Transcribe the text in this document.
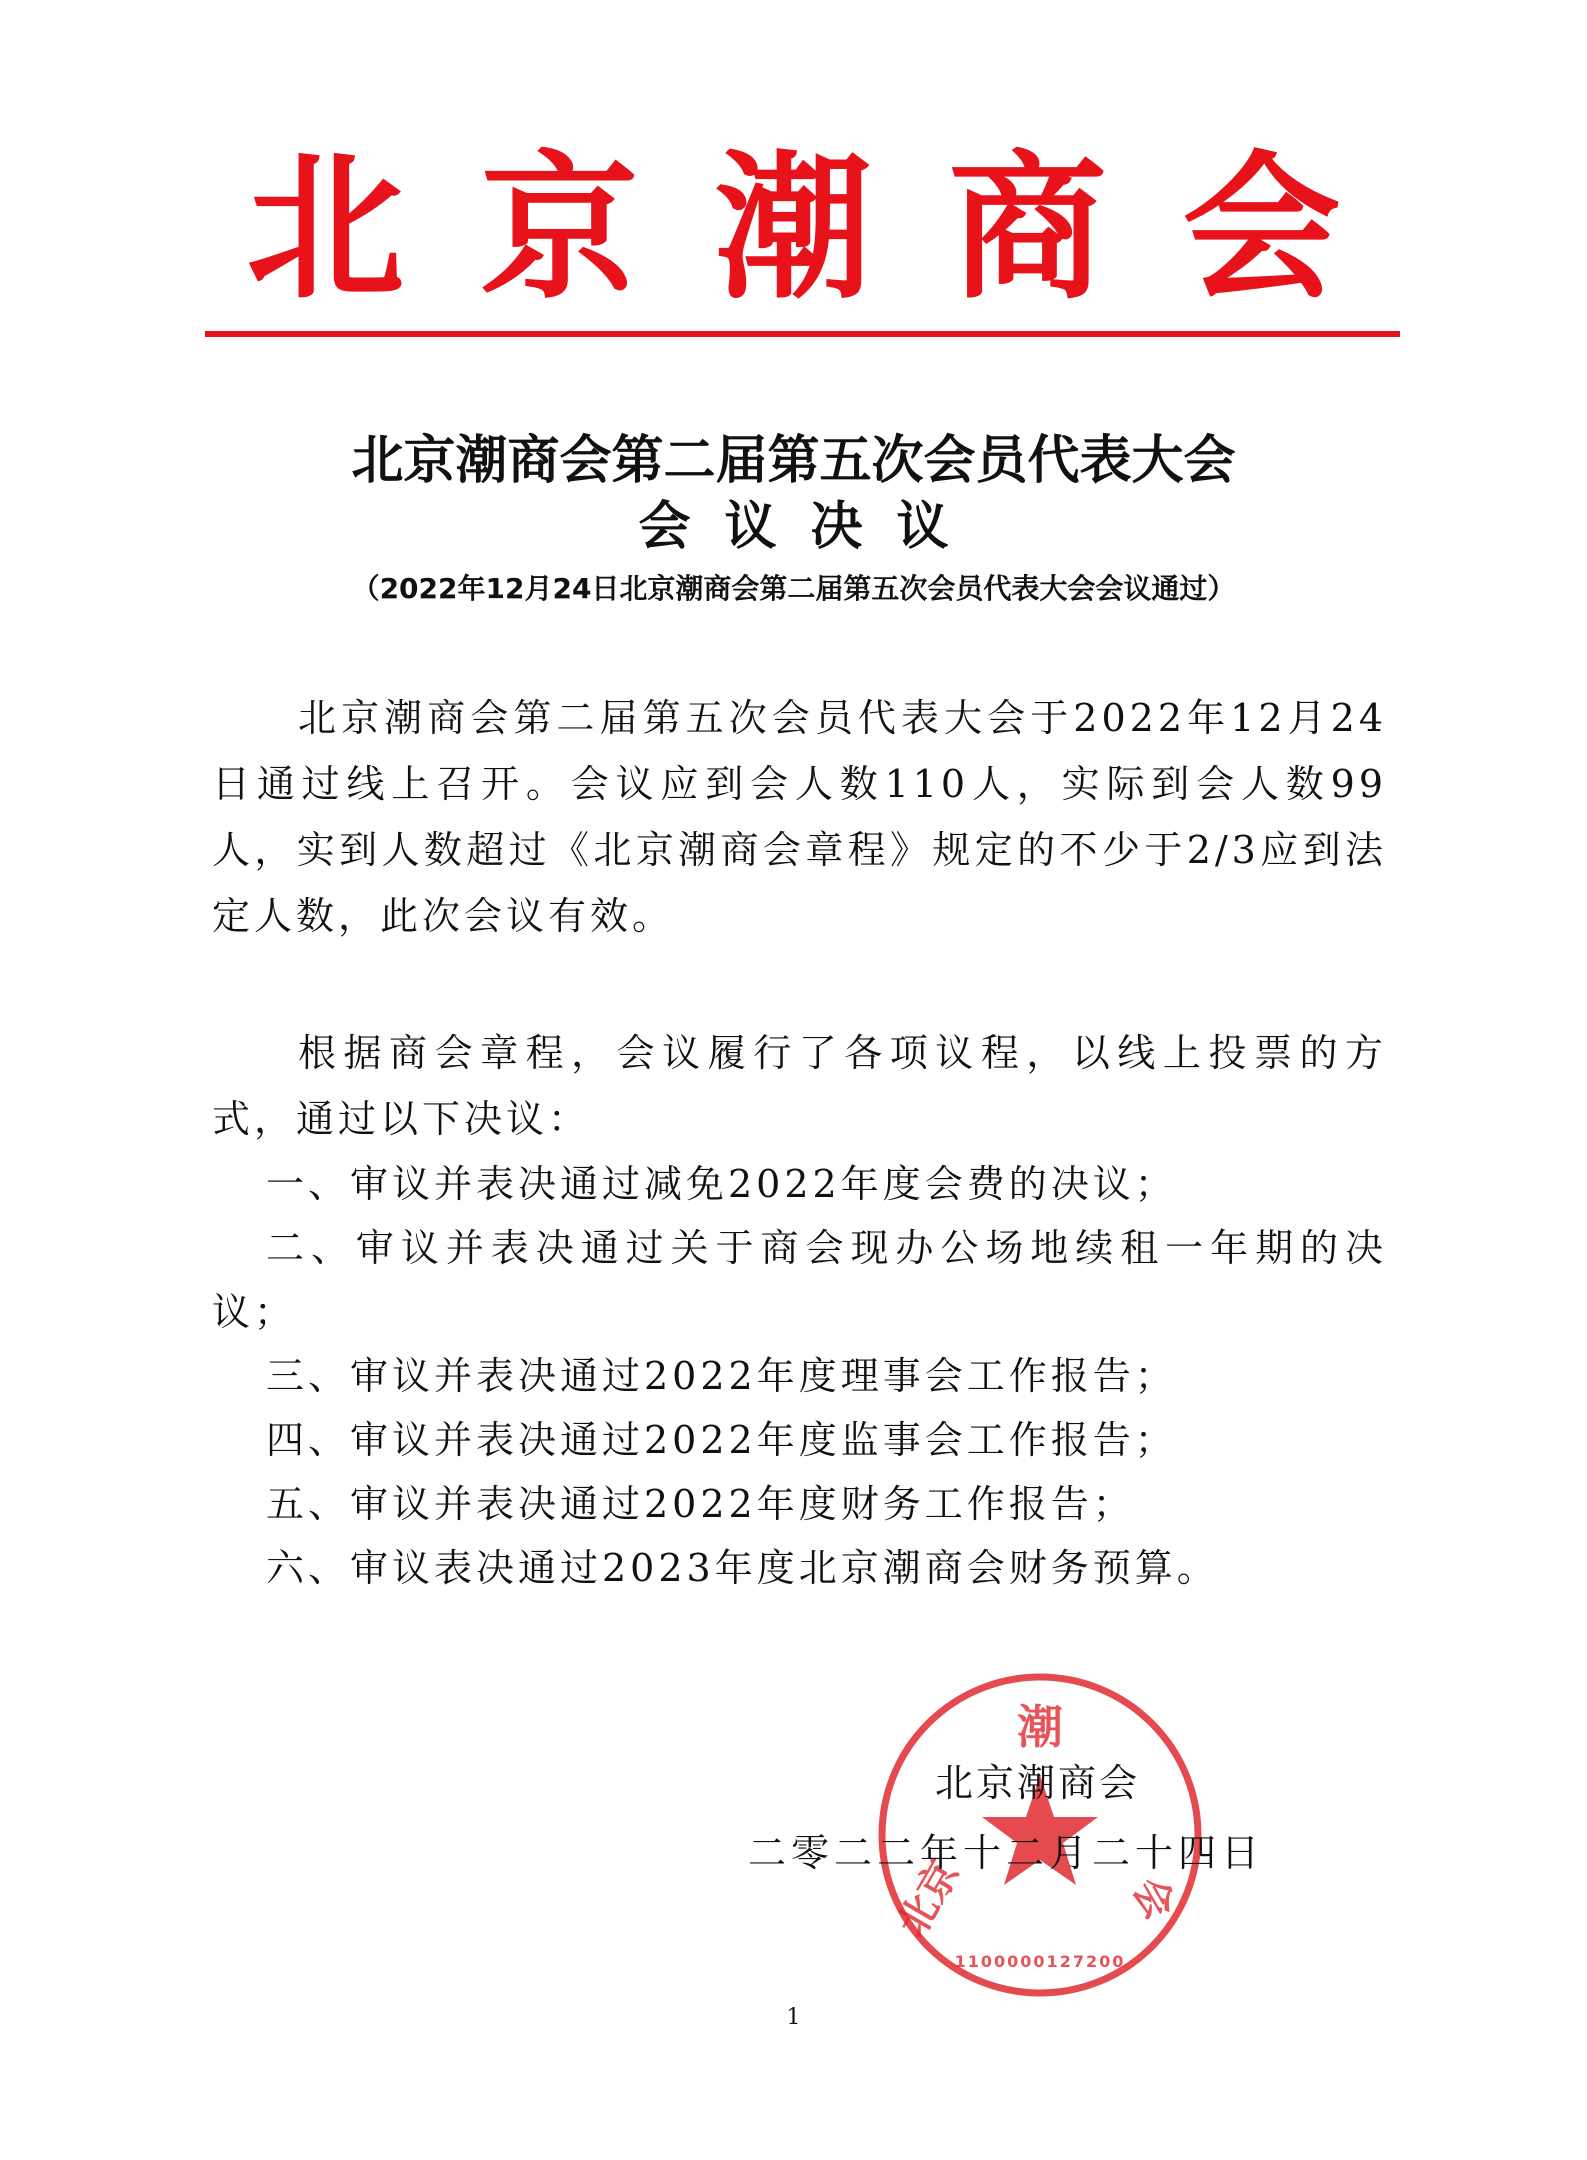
北京潮商会
北京潮商会第二届第五次会员代表大会
会议决议
（2022年12月24日北京潮商会第二届第五次会员代表大会会议通过）
北京潮商会第二届第五次会员代表大会于2022年12月24日通过线上召开。会议应到会人数110人，实际到会人数99人，实到人数超过《北京潮商会章程》规定的不少于2/3应到法定人数，此次会议有效。
根据商会章程，会议履行了各项议程，以线上投票的方式，通过以下决议：
一、审议并表决通过减免2022年度会费的决议；
二、审议并表决通过关于商会现办公场地续租一年期的决议；
三、审议并表决通过2022年度理事会工作报告；
四、审议并表决通过2022年度监事会工作报告；
五、审议并表决通过2022年度财务工作报告；
六、审议表决通过2023年度北京潮商会财务预算。
潮
北京	会
1100000127200
北京潮商会
二零二二年十二月二十四日
1
